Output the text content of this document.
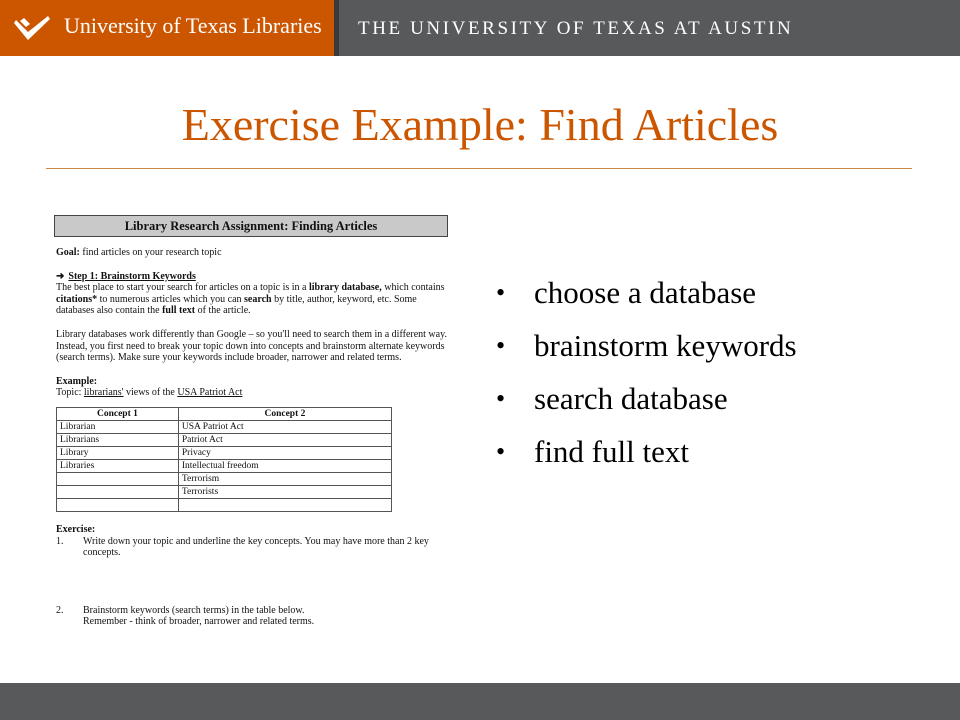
University of Texas Libraries THE UNIVERSITY OF TEXAS AT AUSTIN
Exercise Example: Find Articles
Library Research Assignment: Finding Articles

Goal: find articles on your research topic

➜ Step 1: Brainstorm Keywords

The best place to start your search for articles on a topic is in a library database, which contains citations* to numerous articles which you can search by title, author, keyword, etc. Some databases also contain the full text of the article.

Library databases work differently than Google – so you'll need to search them in a different way. Instead, you first need to break your topic down into concepts and brainstorm alternate keywords (search terms). Make sure your keywords include broader, narrower and related terms.

Example:

Topic: librarians' views of the USA Patriot Act

Concept 1	Concept 2
Librarian	USA Patriot Act
Librarians	Patriot Act
Library	Privacy
Libraries	Intellectual freedom
	Terrorism
	Terrorists

Exercise:

1.	Write down your topic and underline the key concepts. You may have more than 2 key concepts.
2.	Brainstorm keywords (search terms) in the table below.
Remember - think of broader, narrower and related terms.
• choose a database
• brainstorm keywords
• search database
• find full text
